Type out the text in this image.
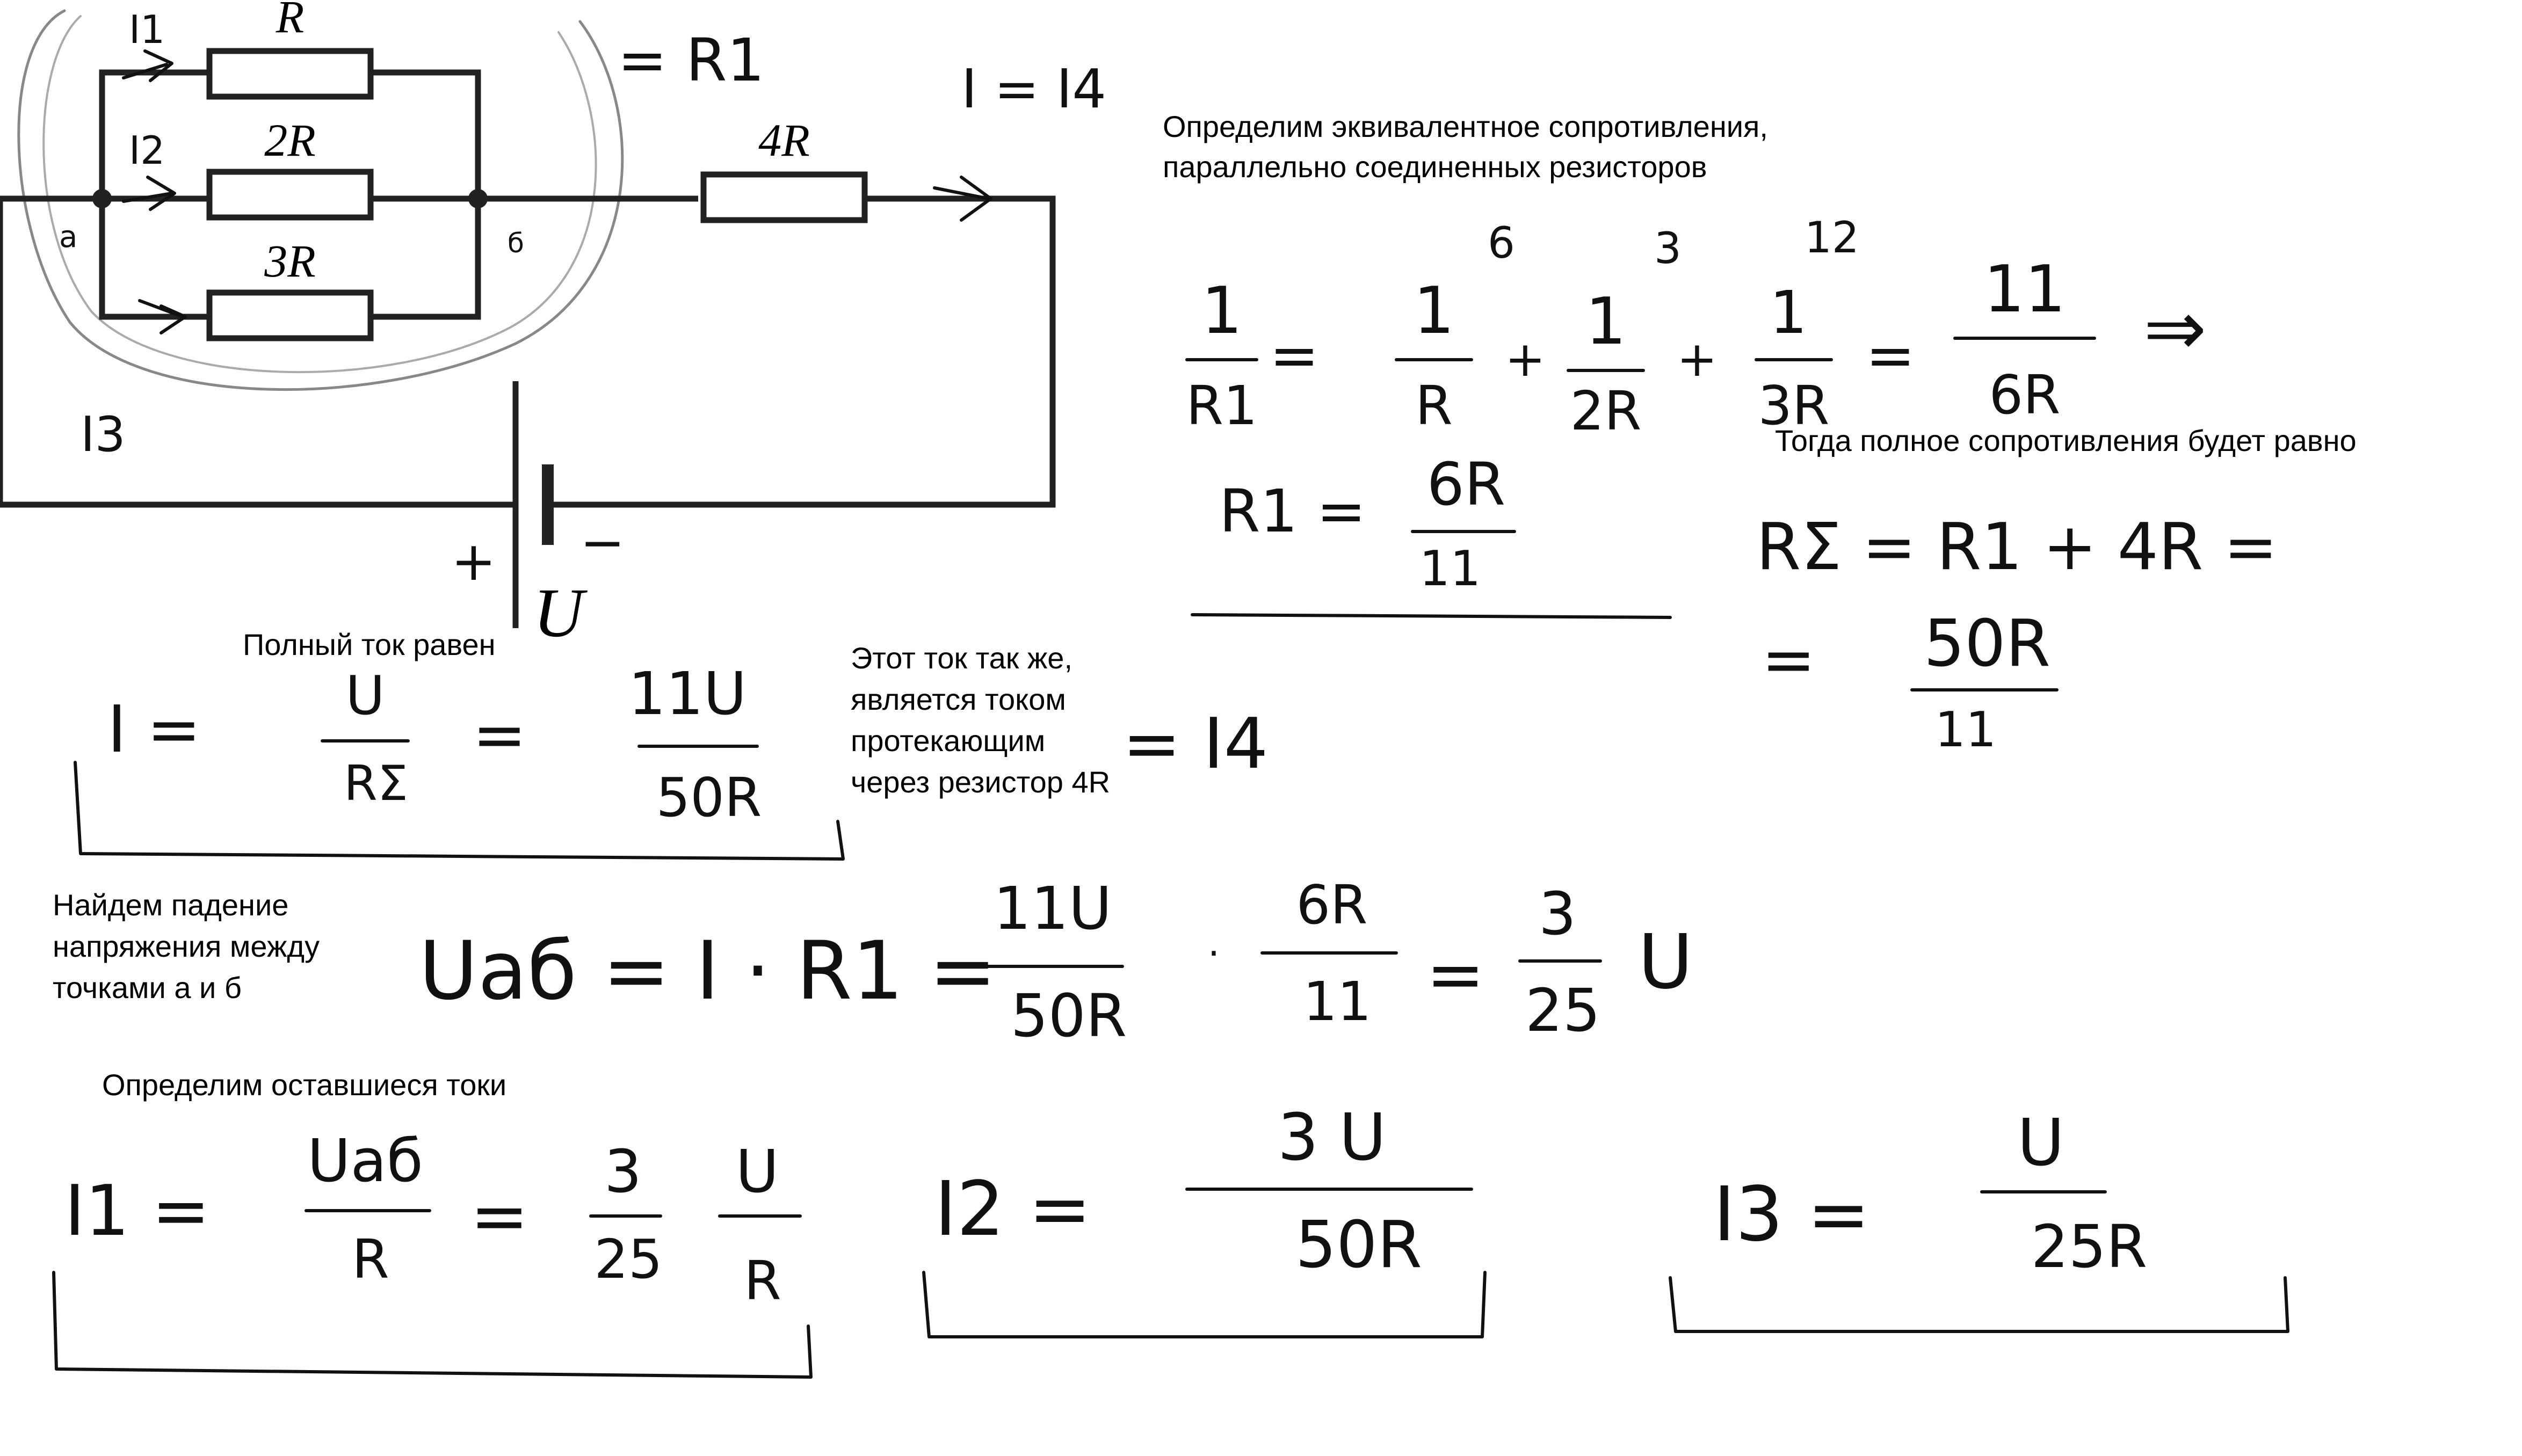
R
2R
3R
4R
U
+ −
a	б
I1
I2
I3
= R1	I = I4
Определим эквивалентное сопротивления,
параллельно соединенных резисторов
1
R1
=
6
1
R
+
3
1
2R
+
12
1
3R
=
11
6R
⇒
R1 = 6R
11
Тогда полное сопротивления будет равно
RΣ = R1 + 4R =
= 50R
11
Полный ток равен
I =	U
RΣ
=
11U
50R
Этот ток так же,
является током
протекающим
через резистор 4R = I4
Найдем падение
напряжения между
точками а и б Uaб = I · R1 =
11U
50R
·
6R
11 =
3
25
U
Определим оставшиеся токи
I1 =
Uaб
R
=
3
25
U
R
I2 =
3 U
50R	I3 =
U
25R
